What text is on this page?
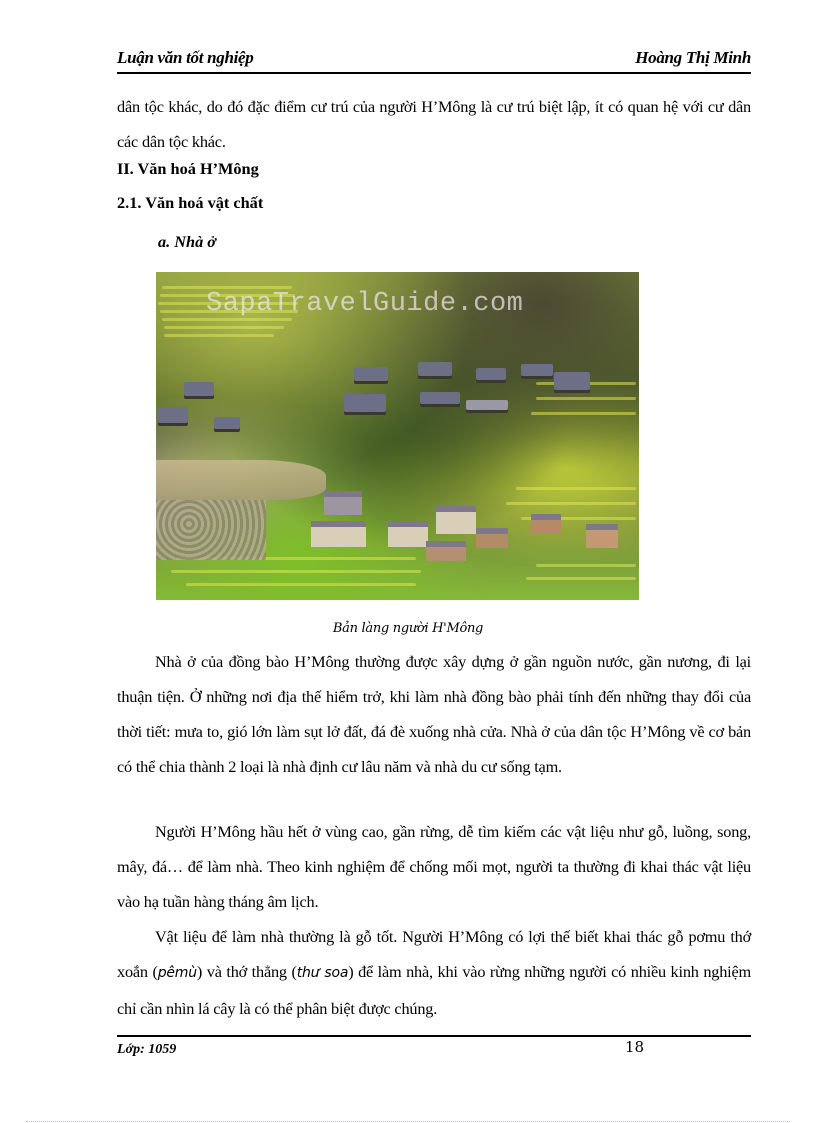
Luận văn tốt nghiệp	Hoàng Thị Minh
dân tộc khác, do đó đặc điểm cư trú của người H’Mông là cư trú biệt lập, ít có quan hệ với cư dân các dân tộc khác.
II. Văn hoá H’Mông
2.1. Văn hoá vật chất
a. Nhà ở
SapaTravelGuide.com
Bản làng người H'Mông
Nhà ở của đồng bào H’Mông thường được xây dựng ở gần nguồn nước, gần nương, đi lại thuận tiện. Ở những nơi địa thế hiểm trở, khi làm nhà đồng bào phải tính đến những thay đổi của thời tiết: mưa to, gió lớn làm sụt lở đất, đá đè xuống nhà cửa. Nhà ở của dân tộc H’Mông về cơ bản có thể chia thành 2 loại là nhà định cư lâu năm và nhà du cư sống tạm.
Người H’Mông hầu hết ở vùng cao, gần rừng, dễ tìm kiếm các vật liệu như gỗ, luồng, song, mây, đá… để làm nhà. Theo kinh nghiệm để chống mối mọt, người ta thường đi khai thác vật liệu vào hạ tuần hàng tháng âm lịch.
Vật liệu để làm nhà thường là gỗ tốt. Người H’Mông có lợi thế biết khai thác gỗ pơmu thớ xoắn (pêmù) và thớ thẳng (thư soa) để làm nhà, khi vào rừng những người có nhiều kinh nghiệm chỉ cần nhìn lá cây là có thể phân biệt được chúng.
Lớp: 1059	18
